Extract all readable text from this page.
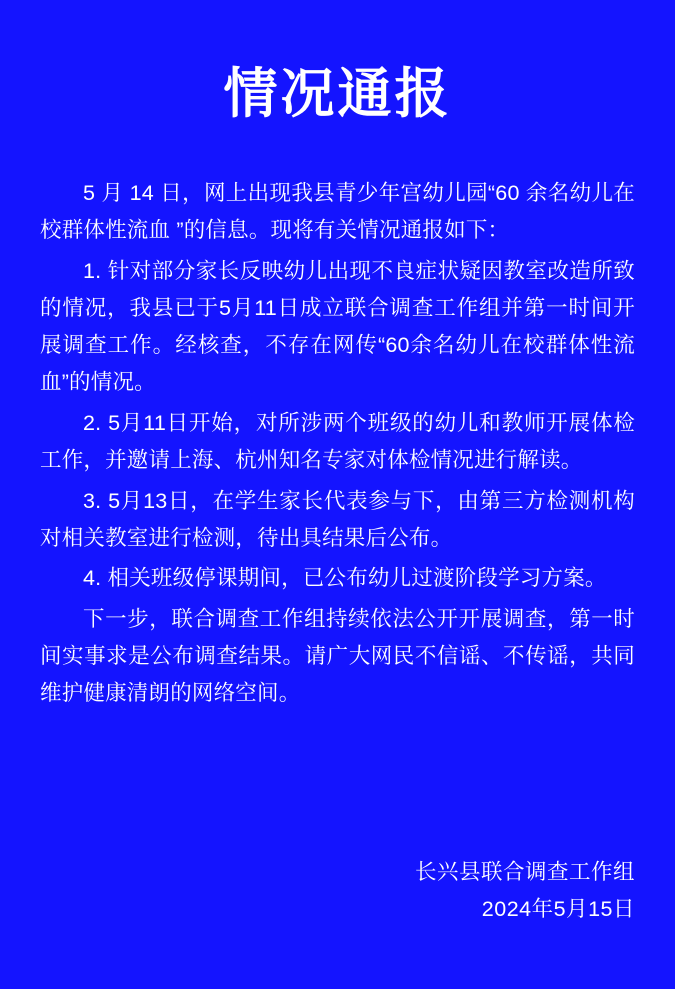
情况通报

5 月 14 日，网上出现我县青少年宫幼儿园“60 余名幼儿在校群体性流血 ”的信息。现将有关情况通报如下：

1. 针对部分家长反映幼儿出现不良症状疑因教室改造所致的情况，我县已于5月11日成立联合调查工作组并第一时间开展调查工作。经核查，不存在网传“60余名幼儿在校群体性流血”的情况。

2. 5月11日开始，对所涉两个班级的幼儿和教师开展体检工作，并邀请上海、杭州知名专家对体检情况进行解读。

3. 5月13日，在学生家长代表参与下，由第三方检测机构对相关教室进行检测，待出具结果后公布。

4. 相关班级停课期间，已公布幼儿过渡阶段学习方案。

下一步，联合调查工作组持续依法公开开展调查，第一时间实事求是公布调查结果。请广大网民不信谣、不传谣，共同维护健康清朗的网络空间。

长兴县联合调查工作组
2024年5月15日
